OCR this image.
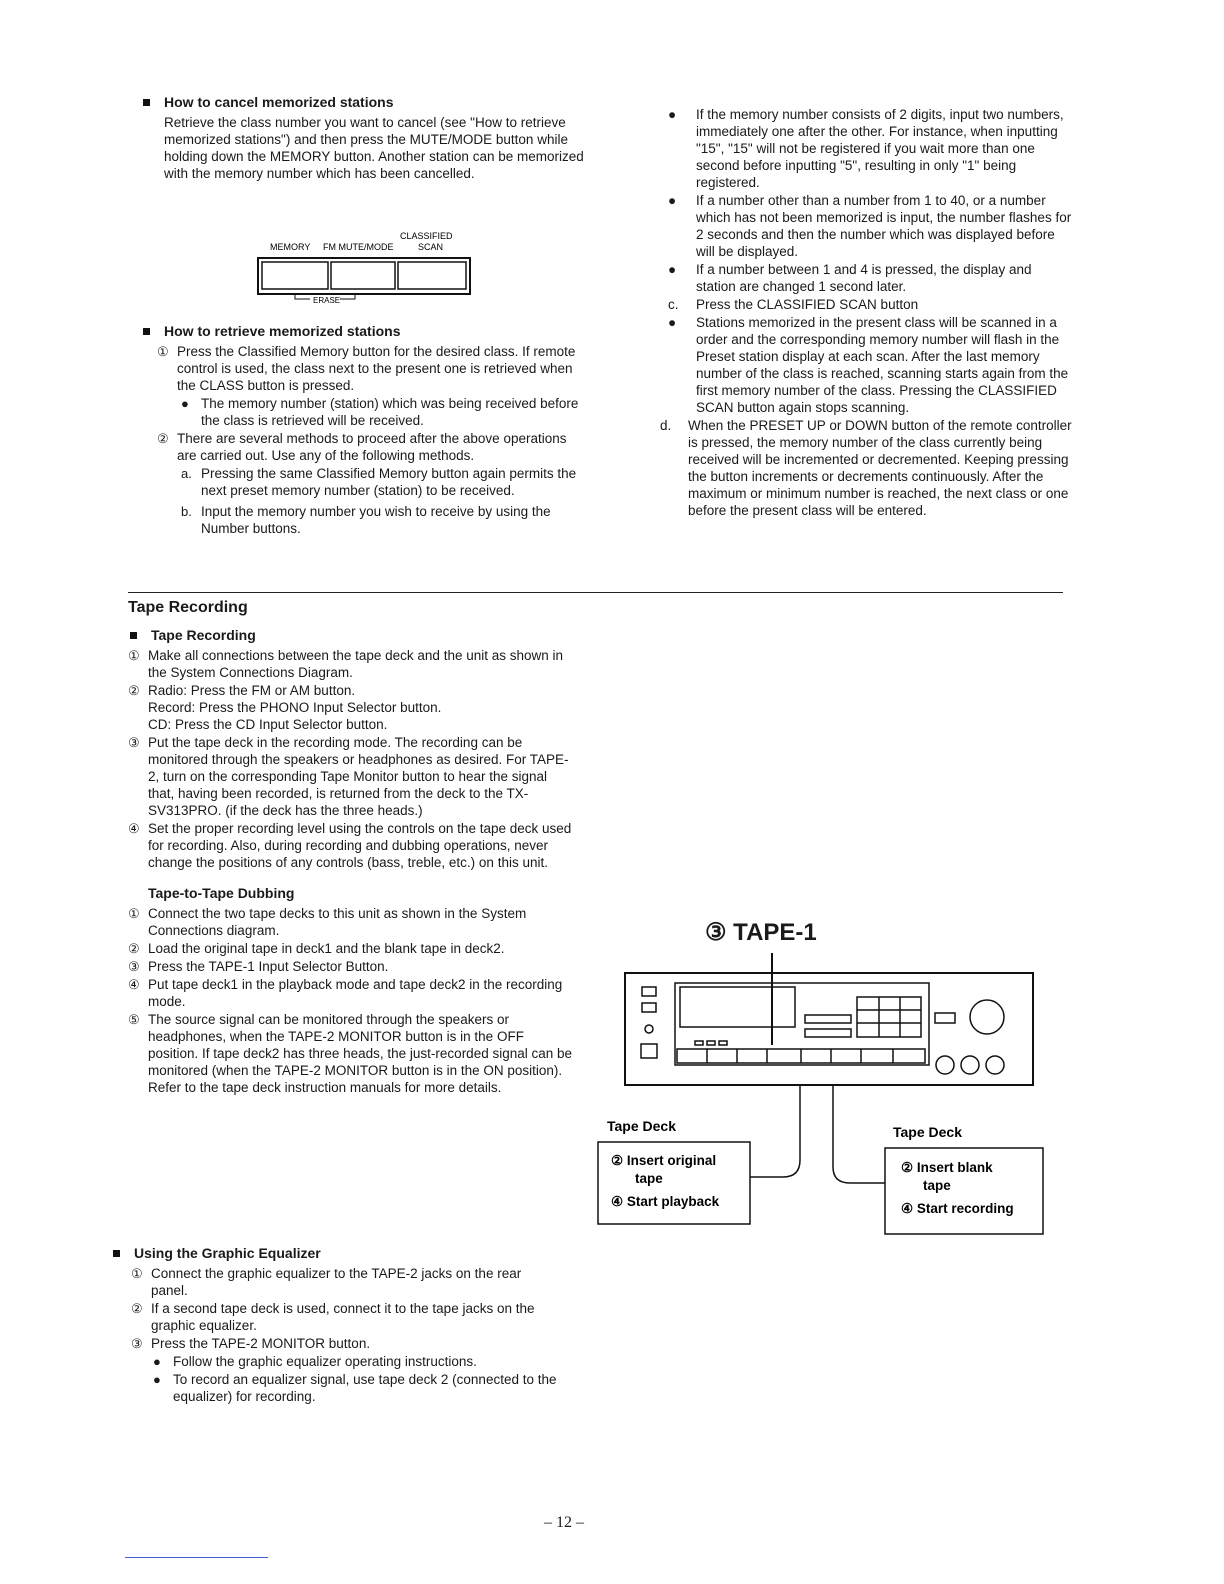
How to cancel memorized stations

Retrieve the class number you want to cancel (see "How to retrieve memorized stations") and then press the MUTE/MODE button while holding down the MEMORY button. Another station can be memorized with the memory number which has been cancelled.

MEMORY FM MUTE/MODE
CLASSIFIED
SCAN
ERASE
How to retrieve memorized stations
① Press the Classified Memory button for the desired class. If remote control is used, the class next to the present one is retrieved when the CLASS button is pressed.
● The memory number (station) which was being received before the class is retrieved will be received.
② There are several methods to proceed after the above operations are carried out. Use any of the following methods.
a. Pressing the same Classified Memory button again permits the next preset memory number (station) to be received.
b. Input the memory number you wish to receive by using the Number buttons.
● If the memory number consists of 2 digits, input two numbers, immediately one after the other. For instance, when inputting "15", "15" will not be registered if you wait more than one second before inputting "5", resulting in only "1" being registered.
● If a number other than a number from 1 to 40, or a number which has not been memorized is input, the number flashes for 2 seconds and then the number which was displayed before will be displayed.
● If a number between 1 and 4 is pressed, the display and station are changed 1 second later.
c. Press the CLASSIFIED SCAN button
● Stations memorized in the present class will be scanned in a order and the corresponding memory number will flash in the Preset station display at each scan. After the last memory number of the class is reached, scanning starts again from the first memory number of the class. Pressing the CLASSIFIED SCAN button again stops scanning.
d. When the PRESET UP or DOWN button of the remote controller is pressed, the memory number of the class currently being received will be incremented or decremented. Keeping pressing the button increments or decrements continuously. After the maximum or minimum number is reached, the next class or one before the present class will be entered.
Tape Recording
Tape Recording
① Make all connections between the tape deck and the unit as shown in the System Connections Diagram.
② Radio: Press the FM or AM button.
Record: Press the PHONO Input Selector button.
CD: Press the CD Input Selector button.
③ Put the tape deck in the recording mode. The recording can be monitored through the speakers or headphones as desired. For TAPE-2, turn on the corresponding Tape Monitor button to hear the signal that, having been recorded, is returned from the deck to the TX-SV313PRO. (if the deck has the three heads.)
④ Set the proper recording level using the controls on the tape deck used for recording. Also, during recording and dubbing operations, never change the positions of any controls (bass, treble, etc.) on this unit.
Tape-to-Tape Dubbing
① Connect the two tape decks to this unit as shown in the System Connections diagram.
② Load the original tape in deck1 and the blank tape in deck2.
③ Press the TAPE-1 Input Selector Button.
④ Put tape deck1 in the playback mode and tape deck2 in the recording mode.
⑤ The source signal can be monitored through the speakers or headphones, when the TAPE-2 MONITOR button is in the OFF position. If tape deck2 has three heads, the just-recorded signal can be monitored (when the TAPE-2 MONITOR button is in the ON position). Refer to the tape deck instruction manuals for more details.
③ TAPE-1
Tape Deck	Tape Deck
② Insert original
tape
④ Start playback
② Insert blank
tape
④ Start recording
Using the Graphic Equalizer
① Connect the graphic equalizer to the TAPE-2 jacks on the rear panel.
② If a second tape deck is used, connect it to the tape jacks on the graphic equalizer.
③ Press the TAPE-2 MONITOR button.
● Follow the graphic equalizer operating instructions.
● To record an equalizer signal, use tape deck 2 (connected to the equalizer) for recording.
– 12 –
